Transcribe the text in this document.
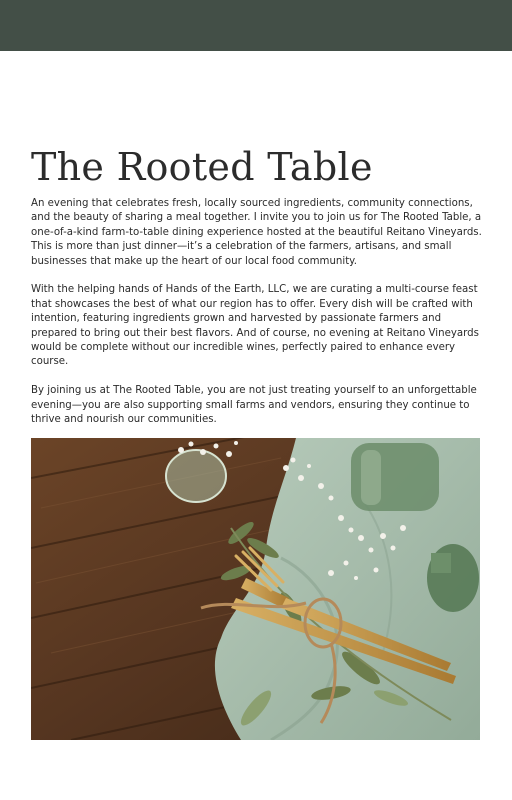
The Rooted Table

An evening that celebrates fresh, locally sourced ingredients, community connections, and the beauty of sharing a meal together. I invite you to join us for The Rooted Table, a one-of-a-kind farm-to-table dining experience hosted at the beautiful Reitano Vineyards. This is more than just dinner—it’s a celebration of the farmers, artisans, and small businesses that make up the heart of our local food community.

With the helping hands of Hands of the Earth, LLC, we are curating a multi-course feast that showcases the best of what our region has to offer. Every dish will be crafted with intention, featuring ingredients grown and harvested by passionate farmers and prepared to bring out their best flavors. And of course, no evening at Reitano Vineyards would be complete without our incredible wines, perfectly paired to enhance every course.

By joining us at The Rooted Table, you are not just treating yourself to an unforgettable evening—you are also supporting small farms and vendors, ensuring they continue to thrive and nourish our communities.
